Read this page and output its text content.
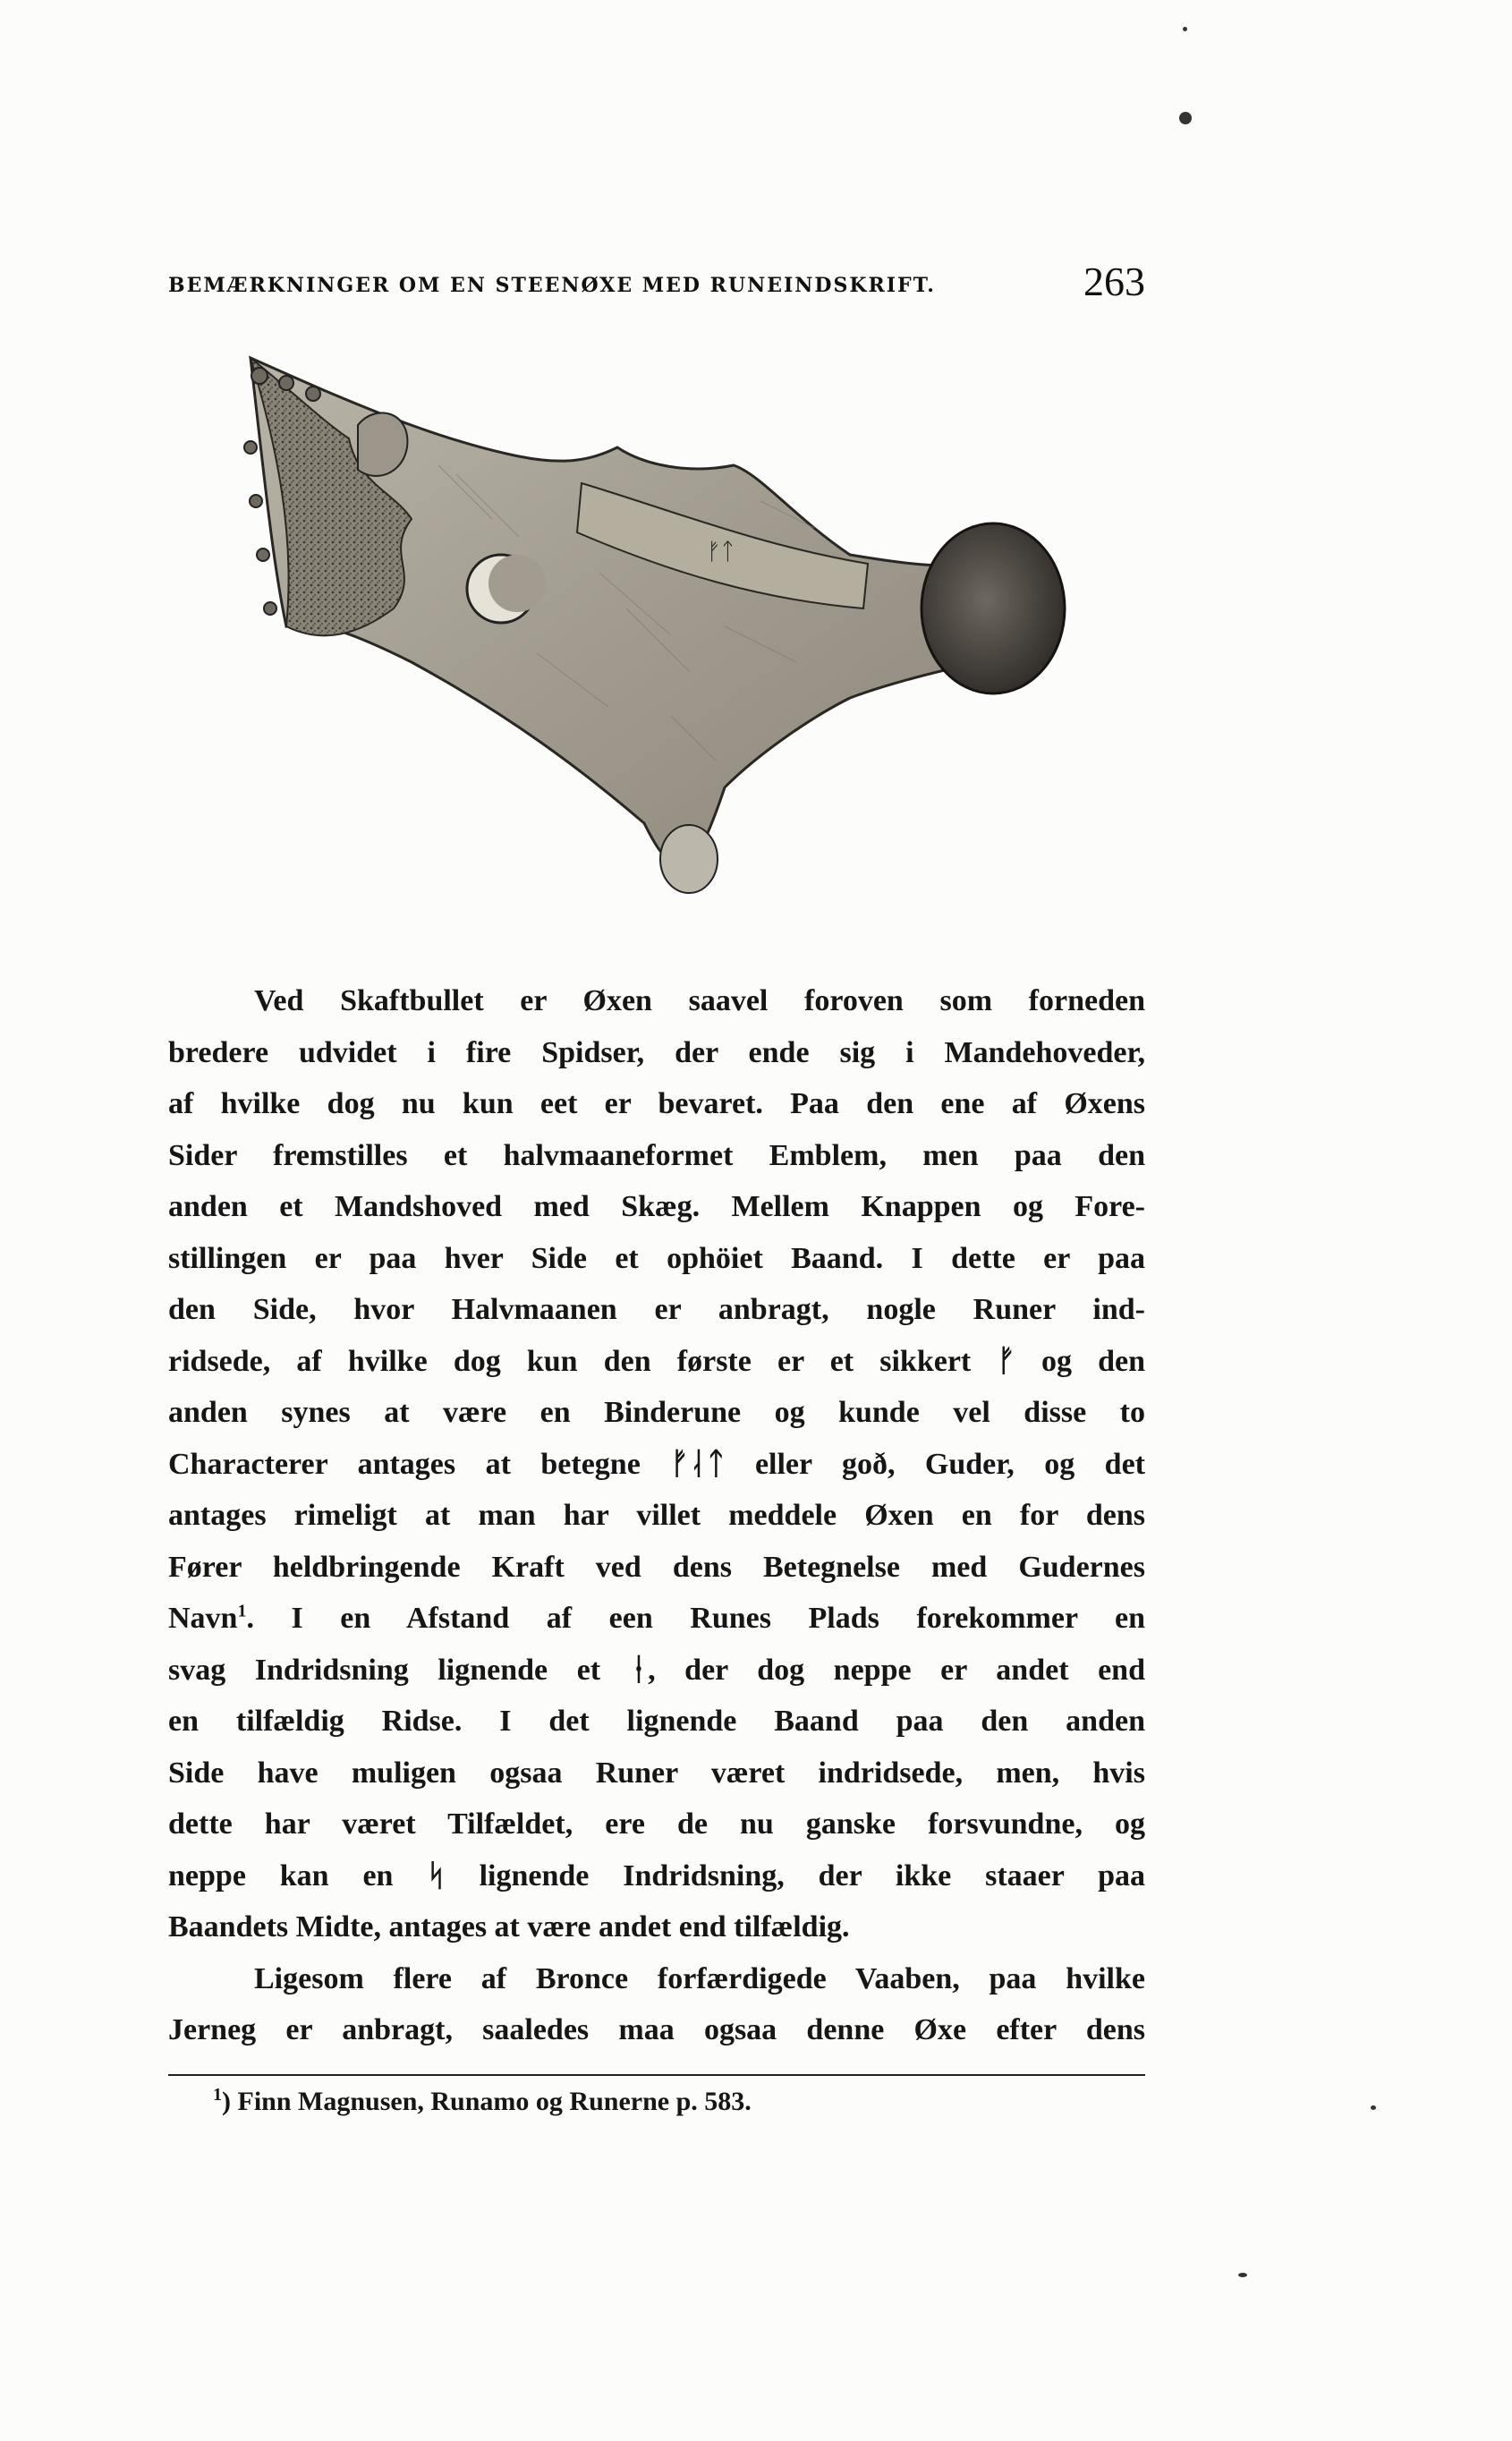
BEMÆRKNINGER OM EN STEENØXE MED RUNEINDSKRIFT.	263
ᚠᛏ
Ved Skaftbullet er Øxen saavel foroven som forneden
bredere udvidet i fire Spidser, der ende sig i Mandehoveder,
af hvilke dog nu kun eet er bevaret. Paa den ene af Øxens
Sider fremstilles et halvmaaneformet Emblem, men paa den
anden et Mandshoved med Skæg. Mellem Knappen og Fore-
stillingen er paa hver Side et ophöiet Baand. I dette er paa
den Side, hvor Halvmaanen er anbragt, nogle Runer ind-
ridsede, af hvilke dog kun den første er et sikkert ᚠ og den
anden synes at være en Binderune og kunde vel disse to
Characterer antages at betegne ᚠᛆᛏ eller goð, Guder, og det
antages rimeligt at man har villet meddele Øxen en for dens
Fører heldbringende Kraft ved dens Betegnelse med Gudernes
Navn$^1$. I en Afstand af een Runes Plads forekommer en
svag Indridsning lignende et ᛂ, der dog neppe er andet end
en tilfældig Ridse. I det lignende Baand paa den anden
Side have muligen ogsaa Runer været indridsede, men, hvis
dette har været Tilfældet, ere de nu ganske forsvundne, og
neppe kan en ᛋ lignende Indridsning, der ikke staaer paa
Baandets Midte, antages at være andet end tilfældig.
Ligesom flere af Bronce forfærdigede Vaaben, paa hvilke
Jerneg er anbragt, saaledes maa ogsaa denne Øxe efter dens
$^1$) Finn Magnusen, Runamo og Runerne p. 583.
